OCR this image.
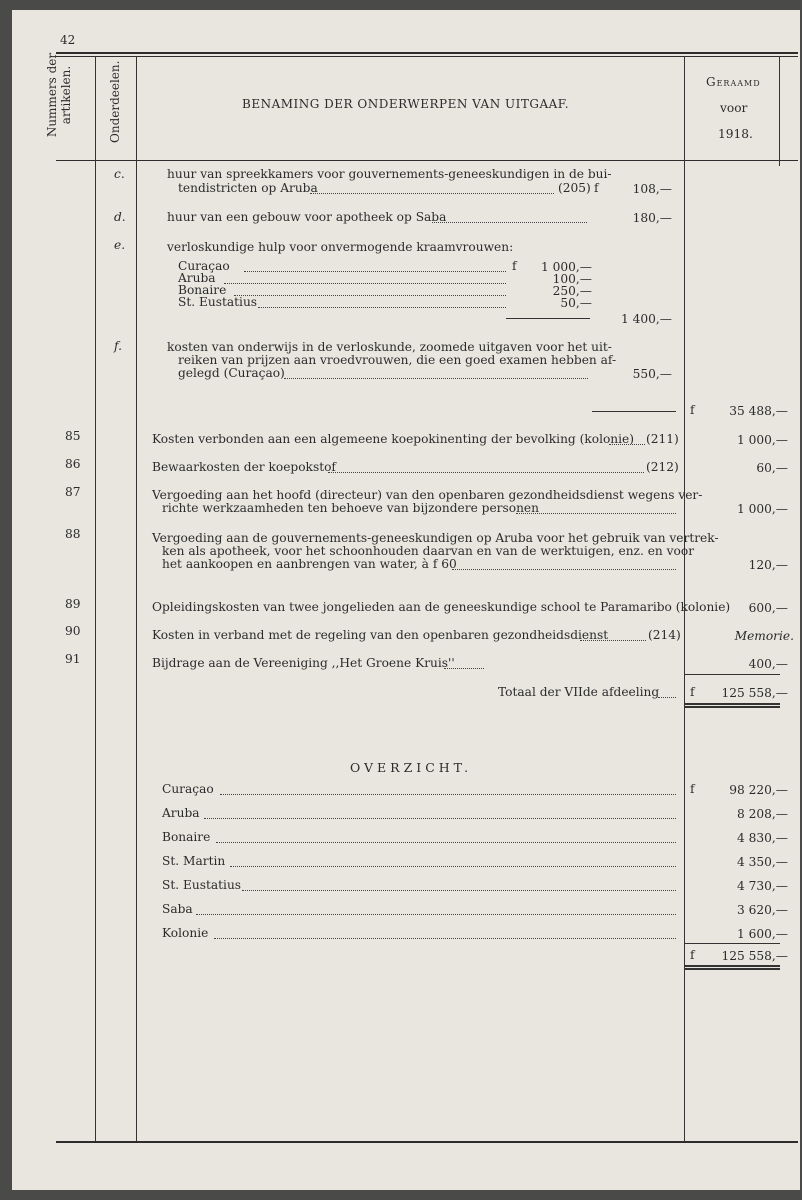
42
Nummers der artikelen.	Onderdeelen.	BENAMING DER ONDERWERPEN VAN UITGAAF.
Geraamd
voor
1918.
c.	huur van spreekkamers voor gouvernements-geneeskundigen in de bui-
tendistricten op Aruba	(205) f	108,—
d.	huur van een gebouw voor apotheek op Saba	180,—
e.	verloskundige hulp voor onvermogende kraamvrouwen:
Curaçao	f 1 000,—
Aruba	100,—
Bonaire	250,—
St. Eustatius	50,—
1 400,—
f.	kosten van onderwijs in de verloskunde, zoomede uitgaven voor het uit-
reiken van prijzen aan vroedvrouwen, die een goed examen hebben af-
gelegd (Curaçao)	550,—
f	35 488,—
85	Kosten verbonden aan een algemeene koepokinenting der bevolking (kolonie) (211)	1 000,—
86	Bewaarkosten der koepokstof	(212)	60,—
87	Vergoeding aan het hoofd (directeur) van den openbaren gezondheidsdienst wegens ver-
richte werkzaamheden ten behoeve van bijzondere personen	1 000,—
88	Vergoeding aan de gouvernements-geneeskundigen op Aruba voor het gebruik van vertrek-
ken als apotheek, voor het schoonhouden daarvan en van de werktuigen, enz. en voor
het aankoopen en aanbrengen van water, à f 60	120,—
89	Opleidingskosten van twee jongelieden aan de geneeskundige school te Paramaribo (kolonie) 600,—
90	Kosten in verband met de regeling van den openbaren gezondheidsdienst	(214)	Memorie.
91	Bijdrage aan de Vereeniging ,,Het Groene Kruis''	400,—
Totaal der VIIde afdeeling	f 125 558,—
OVERZICHT.
Curaçao	f	98 220,—
Aruba	8 208,—
Bonaire	4 830,—
St. Martin	4 350,—
St. Eustatius	4 730,—
Saba	3 620,—
Kolonie	1 600,—
f 125 558,—
